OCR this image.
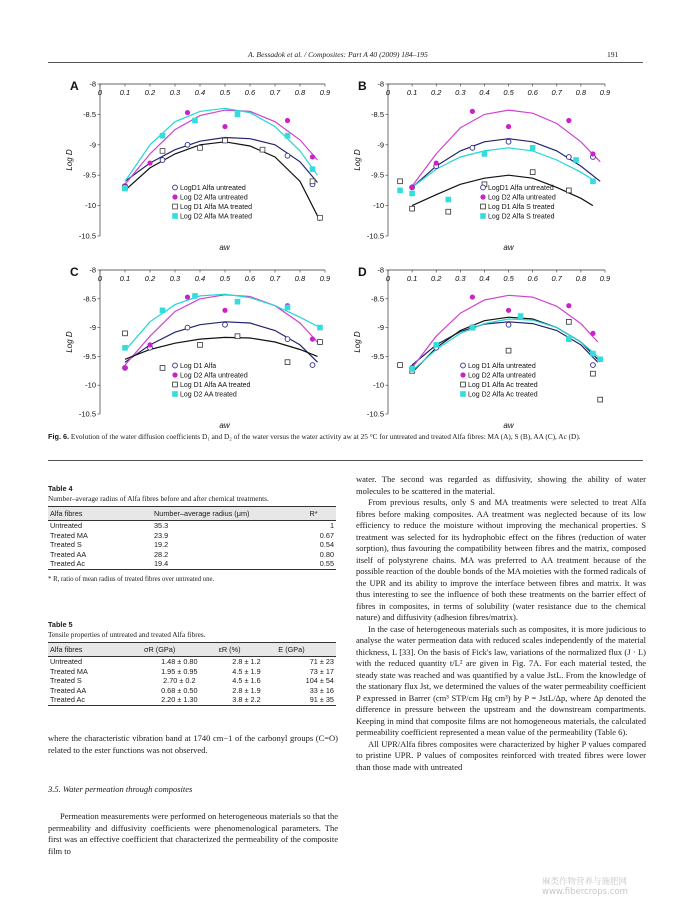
A. Bessadok et al. / Composites: Part A 40 (2009) 184–195	191
A	0 0.1 0.2 0.3 0.4 0.5 0.6 0.7 0.8 0.9
-8
-8.5
-9
-9.5
-10
-10.5
aw
Log D
LogD1 Alfa untreated
Log D2 Alfa untreated
Log D1 Alfa MA treated
Log D2 Alfa MA treated
B	0 0.1 0.2 0.3 0.4 0.5 0.6 0.7 0.8 0.9
-8
-8.5
-9
-9.5
-10
-10.5
aw
Log D
LogD1 Alfa untreated
Log D2 Alfa untreated
Log D1 Alfa S treated
Log D2 Alfa S treated
C	0 0.1 0.2 0.3 0.4 0.5 0.6 0.7 0.8 0.9
-8
-8.5
-9
-9.5
-10
-10.5
aw
Log D
Log D1 Alfa
Log D2 Alfa untreated
Log D1 Alfa AA treated
Log D2 AA treated
D	0 0.1 0.2 0.3 0.4 0.5 0.6 0.7 0.8 0.9
-8
-8.5
-9
-9.5
-10
-10.5
aw
Log D
Log D1 Alfa untreated
Log D2 Alfa untreated
Log D1 Alfa Ac treated
Log D2 Alfa Ac treated
Fig. 6. Evolution of the water diffusion coefficients D₁ and D₂ of the water versus the water activity aw at 25 °C for untreated and treated Alfa fibres: MA (A), S (B), AA (C), Ac (D).
Table 4
Number–average radius of Alfa fibres before and after chemical treatments.
Alfa fibres	Number–average radius (μm)	R*
Untreated	35.3	1
Treated MA	23.9	0.67
Treated S	19.2	0.54
Treated AA	28.2	0.80
Treated Ac	19.4	0.55
* R, ratio of mean radius of treated fibres over untreated one.
Table 5
Tensile properties of untreated and treated Alfa fibres.
Alfa fibres	σR (GPa)	εR (%)	E (GPa)
Untreated	1.48 ± 0.80	2.8 ± 1.2	71 ± 23
Treated MA	1.95 ± 0.95	4.5 ± 1.9	73 ± 17
Treated S	2.70 ± 0.2	4.5 ± 1.6	104 ± 54
Treated AA	0.68 ± 0.50	2.8 ± 1.9	33 ± 16
Treated Ac	2.20 ± 1.30	3.8 ± 2.2	91 ± 35
where the characteristic vibration band at 1740 cm−1 of the carbonyl groups (C=O) related to the ester functions was not observed.
3.5. Water permeation through composites
Permeation measurements were performed on heterogeneous materials so that the permeability and diffusivity coefficients were phenomenological parameters. The first was an effective coefficient that characterized the permeability of the composite film to

water. The second was regarded as diffusivity, showing the ability of water molecules to be scattered in the material.

From previous results, only S and MA treatments were selected to treat Alfa fibres before making composites. AA treatment was neglected because of its low efficiency to reduce the moisture without improving the mechanical properties. S treatment was selected for its hydrophobic effect on the fibres (reduction of water sorption), thus favouring the compatibility between fibres and the matrix, composed itself of polystyrene chains. MA was preferred to AA treatment because of the possible reaction of the double bonds of the MA moieties with the formed radicals of the UPR and its ability to improve the interface between fibres and matrix. It was thus interesting to see the influence of both these treatments on the barrier effect of fibres in composites, in terms of solubility (water resistance due to the chemical nature) and diffusivity (adhesion fibres/matrix).

In the case of heterogeneous materials such as composites, it is more judicious to analyse the water permeation data with reduced scales independently of the material thickness, L [33]. On the basis of Fick's law, variations of the normalized flux (J · L) with the reduced quantity t/L² are given in Fig. 7A. For each material tested, the steady state was reached and was quantified by a value JstL. From the knowledge of the stationary flux Jst, we determined the values of the water permeability coefficient P expressed in Barrer (cm³ STP/cm Hg cm³) by P = JstL/Δp, where Δp denoted the difference in pressure between the upstream and the downstream compartments. Keeping in mind that composite films are not homogeneous materials, the calculated permeability coefficient represented a mean value of the permeability (Table 6).

All UPR/Alfa fibres composites were characterized by higher P values compared to pristine UPR. P values of composites reinforced with treated fibres were lower than those made with untreated

麻类作物营养与施肥网 www.fibercrops.com
